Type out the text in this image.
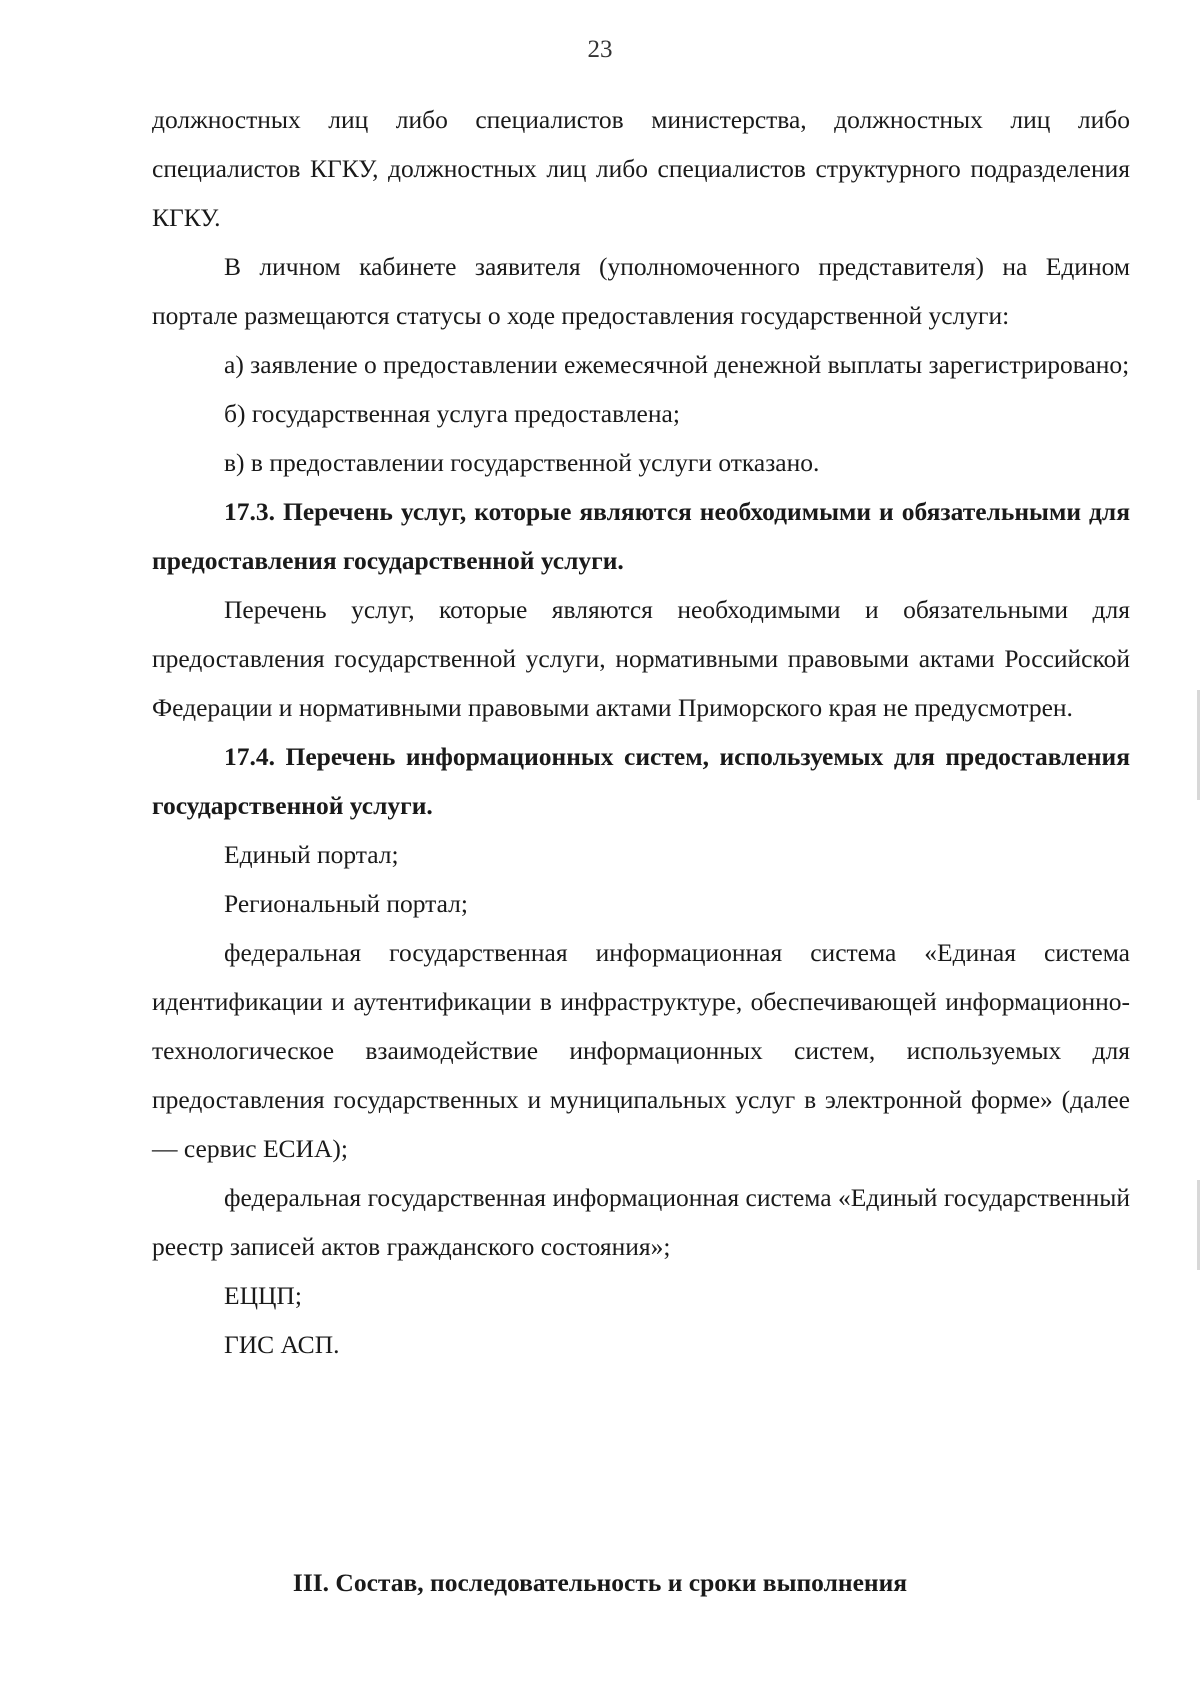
23

должностных лиц либо специалистов министерства, должностных лиц либо специалистов КГКУ, должностных лиц либо специалистов структурного подразделения КГКУ.

В личном кабинете заявителя (уполномоченного представителя) на Едином портале размещаются статусы о ходе предоставления государственной услуги:

а) заявление о предоставлении ежемесячной денежной выплаты зарегистрировано;

б) государственная услуга предоставлена;

в) в предоставлении государственной услуги отказано.

17.3. Перечень услуг, которые являются необходимыми и обязательными для предоставления государственной услуги.

Перечень услуг, которые являются необходимыми и обязательными для предоставления государственной услуги, нормативными правовыми актами Российской Федерации и нормативными правовыми актами Приморского края не предусмотрен.

17.4. Перечень информационных систем, используемых для предоставления государственной услуги.

Единый портал;

Региональный портал;

федеральная государственная информационная система «Единая система идентификации и аутентификации в инфраструктуре, обеспечивающей информационно-технологическое взаимодействие информационных систем, используемых для предоставления государственных и муниципальных услуг в электронной форме» (далее — сервис ЕСИА);

федеральная государственная информационная система «Единый государственный реестр записей актов гражданского состояния»;

ЕЦЦП;

ГИС АСП.

III. Состав, последовательность и сроки выполнения
